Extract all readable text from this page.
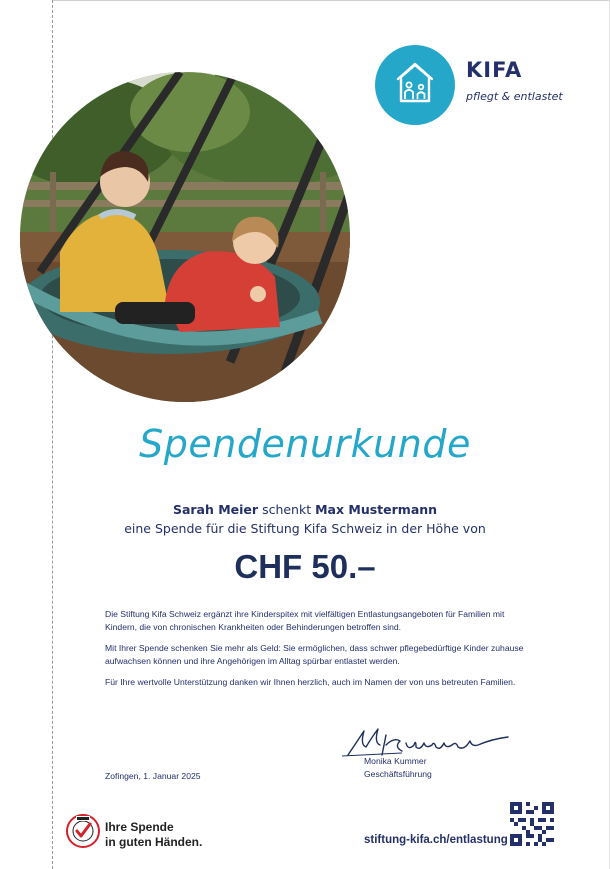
KIFA
pflegt & entlastet
Spendenurkunde
Sarah Meier schenkt Max Mustermann
eine Spende für die Stiftung Kifa Schweiz in der Höhe von
CHF 50.–

Die Stiftung Kifa Schweiz ergänzt ihre Kinderspitex mit vielfältigen Entlastungsangeboten für Familien mit Kindern, die von chronischen Krankheiten oder Behinderungen betroffen sind.

Mit Ihrer Spende schenken Sie mehr als Geld: Sie ermöglichen, dass schwer pflegebedürftige Kinder zuhause aufwachsen können und ihre Angehörigen im Alltag spürbar entlastet werden.

Für Ihre wertvolle Unterstützung danken wir Ihnen herzlich, auch im Namen der von uns betreuten Familien.

Monika Kummer
Geschäftsführung
Zofingen, 1. Januar 2025
Ihre Spende
in guten Händen.	stiftung-kifa.ch/entlastung
